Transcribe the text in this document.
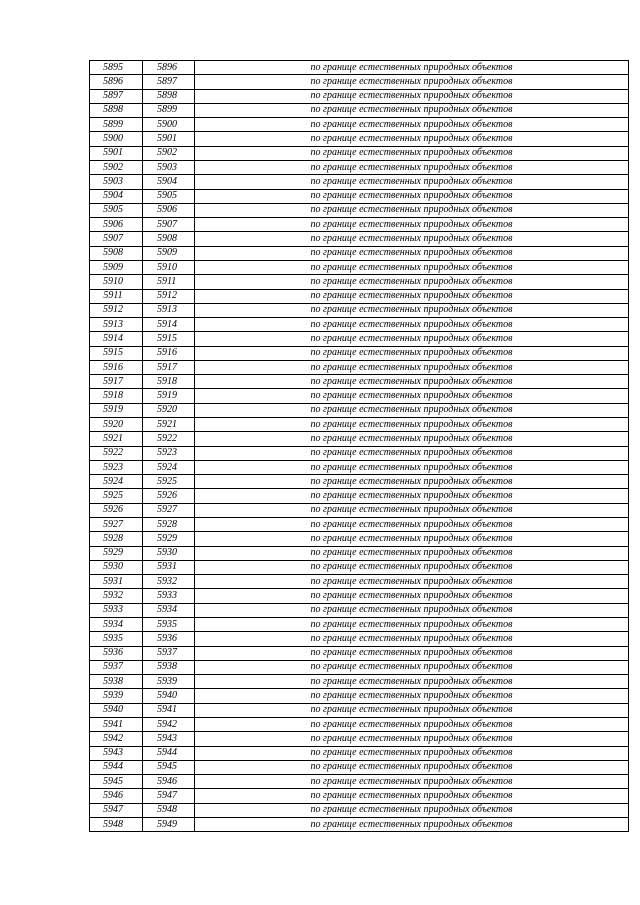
5895	5896	по границе естественных природных объектов
5896	5897	по границе естественных природных объектов
5897	5898	по границе естественных природных объектов
5898	5899	по границе естественных природных объектов
5899	5900	по границе естественных природных объектов
5900	5901	по границе естественных природных объектов
5901	5902	по границе естественных природных объектов
5902	5903	по границе естественных природных объектов
5903	5904	по границе естественных природных объектов
5904	5905	по границе естественных природных объектов
5905	5906	по границе естественных природных объектов
5906	5907	по границе естественных природных объектов
5907	5908	по границе естественных природных объектов
5908	5909	по границе естественных природных объектов
5909	5910	по границе естественных природных объектов
5910	5911	по границе естественных природных объектов
5911	5912	по границе естественных природных объектов
5912	5913	по границе естественных природных объектов
5913	5914	по границе естественных природных объектов
5914	5915	по границе естественных природных объектов
5915	5916	по границе естественных природных объектов
5916	5917	по границе естественных природных объектов
5917	5918	по границе естественных природных объектов
5918	5919	по границе естественных природных объектов
5919	5920	по границе естественных природных объектов
5920	5921	по границе естественных природных объектов
5921	5922	по границе естественных природных объектов
5922	5923	по границе естественных природных объектов
5923	5924	по границе естественных природных объектов
5924	5925	по границе естественных природных объектов
5925	5926	по границе естественных природных объектов
5926	5927	по границе естественных природных объектов
5927	5928	по границе естественных природных объектов
5928	5929	по границе естественных природных объектов
5929	5930	по границе естественных природных объектов
5930	5931	по границе естественных природных объектов
5931	5932	по границе естественных природных объектов
5932	5933	по границе естественных природных объектов
5933	5934	по границе естественных природных объектов
5934	5935	по границе естественных природных объектов
5935	5936	по границе естественных природных объектов
5936	5937	по границе естественных природных объектов
5937	5938	по границе естественных природных объектов
5938	5939	по границе естественных природных объектов
5939	5940	по границе естественных природных объектов
5940	5941	по границе естественных природных объектов
5941	5942	по границе естественных природных объектов
5942	5943	по границе естественных природных объектов
5943	5944	по границе естественных природных объектов
5944	5945	по границе естественных природных объектов
5945	5946	по границе естественных природных объектов
5946	5947	по границе естественных природных объектов
5947	5948	по границе естественных природных объектов
5948	5949	по границе естественных природных объектов
